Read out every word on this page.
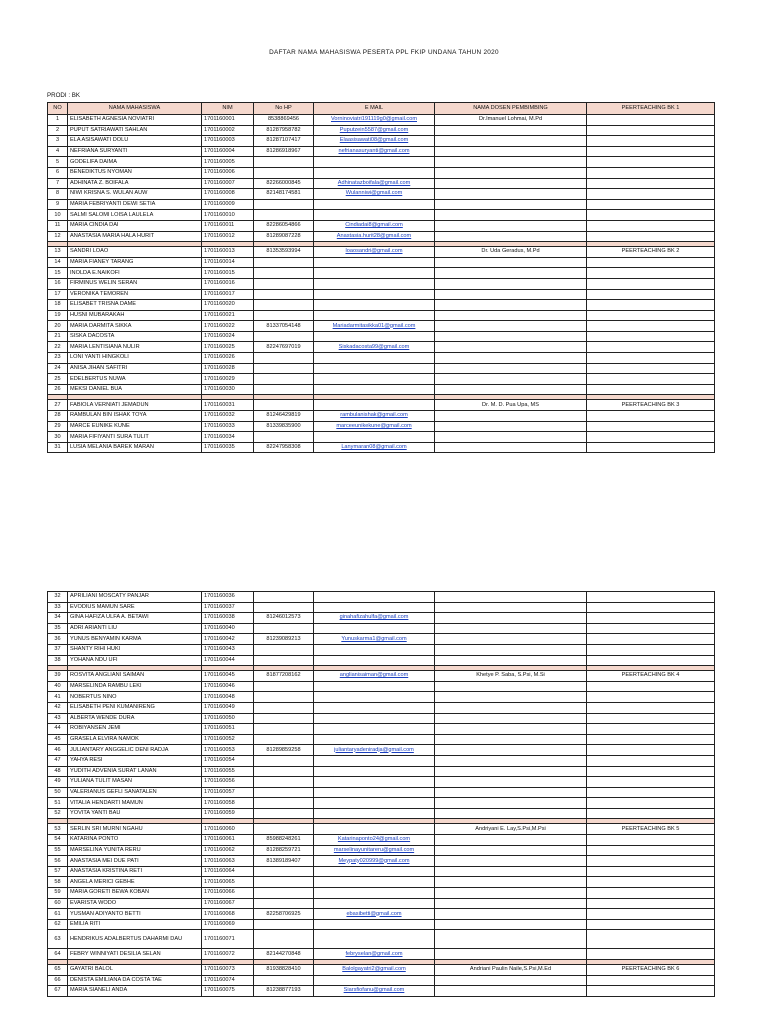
DAFTAR NAMA MAHASISWA PESERTA PPL FKIP UNDANA TAHUN 2020
PRODI : BK
NO	NAMA MAHASISWA	NIM	No HP	E MAIL	NAMA DOSEN PEMBIMBING	PEERTEACHING BK 1
1	ELISABETH AGNESIA NOVIATRI	1701160001	8538869456	Vorninoviatri191119g0@gmail.com	Dr.Imanuel Lohmai, M.Pd	
2	PUPUT SATRIAWATI SAHLAN	1701160002	81287958782	Puputzein5587@gmail.com		
3	ELA ASISAWATI DOLU	1701160003	81287107417	Elaasisawati08@gmail.com		
4	NEFRIANA SURYANTI	1701160004	81286918967	nefrianasuryanti@gmail.com		
5	GODELIFA DAIMA	1701160005				
6	BENEDIKTUS NYOMAN	1701160006				
7	ADHINATA Z. BOIFALA	1701160007	82266000845	Adhinatazboifala@gmail.com		
8	NIWI KRISNA S. WULAN AUW	1701160008	82148174581	Wulanniwi@gmail.com		
9	MARIA FEBRIYANTI DEWI SETIA	1701160009				
10	SALMI SALOMI LOISA LAULELA	1701160010				
11	MARIA CINDIA DAI	1701160011	82286054866	Cindiadai8@gmail.com		
12	ANASTASIA MARIA HALA HURIT	1701160012	81289087228	Anastasia.hurit28@gmail.com		

13	SANDRI LOAO	1701160013	81353593994	loaosandri@gmail.com	Dr. Uda Geradus, M.Pd	PEERTEACHING BK 2
14	MARIA FIANEY TARANG	1701160014				
15	INOLDA E.NAIKOFI	1701160015				
16	FIRMINUS WELIN SERAN	1701160016				
17	VERONIKA TEMOREN	1701160017				
18	ELISABET TRISNA DAME	1701160020				
19	HUSNI MUBARAKAH	1701160021				
20	MARIA DARMITA SIKKA	1701160022	81337054148	Mariadarmitasikka01@gmail.com		
21	SISKA DACOSTA	1701160024				
22	MARIA LENTISIANA NULIR	1701160025	82247697019	Siskadacosta99@gmail.com		
23	LONI YANTI HINGKOLI	1701160026				
24	ANISA JIHAN SAFITRI	1701160028				
25	EDELBERTUS NUWA	1701160029				
26	MEKSI DANIEL BUA	1701160030				

27	FABIOLA VERNIATI JEMADUN	1701160031			Dr. M. D. Pua Upa, MS	PEERTEACHING BK 3
28	RAMBULAN BIN ISHAK TOYA	1701160032	81246429819	rambulanishak@gmail.com		
29	MARCE EUNIKE KUNE	1701160033	81339835900	marceeunikekune@gmail.com		
30	MARIA FIFIYANTI SURA TULIT	1701160034				
31	LUSIA MELANIA BAREK MARAN	1701160035	82247958308	Lanymaran08@gmail.com		
32	APRILIANI MOSCATY PANJAR	1701160036				
33	EVODIUS MAMUN SARE	1701160037				
34	GINA HAFIZA ULFA A. BETAWI	1701160038	81246012573	ginahafizahulfa@gmail.com		
35	ADRI ARIANTI LIU	1701160040				
36	YUNUS BENYAMIN KARMA	1701160042	81239089213	Yunuskarma1@gmail.com		
37	SHANTY RIHI HUKI	1701160043				
38	YOHANA NDU UFI	1701160044				

39	ROSVITA ANGLIANI SAIMAN	1701160045	81877208162	anglianisaiman@gmail.com	Khetye P. Saba, S.Psi, M.Si	PEERTEACHING BK 4
40	MARSELINDA RAMBU LEKI	1701160046				
41	NOBERTUS NINO	1701160048				
42	ELISABETH PENI KUMANIRENG	1701160049				
43	ALBERTA WENDE DURA	1701160050				
44	ROBIYANSEN JEMI	1701160051				
45	GRASELA ELVIRA NAMOK	1701160052				
46	JULIANTARY ANGGELIC DENI RADJA	1701160053	81289859258	juliantaryadeniradja@gmail.com		
47	YAHYA RESI	1701160054				
48	YUDITH ADVENIA SURAT LANAN	1701160055				
49	YULIANA TULIT MASAN	1701160056				
50	VALERIANUS GEFLI SANATALEN	1701160057				
51	VITALIA HENDARTI MAMUN	1701160058				
52	YOVITA YANTI BAU	1701160059				

53	SERLIN SRI MURNI NGAHU	1701160060			Andriyani E. Lay,S.Psi,M.Psi	PEERTEACHING BK 5
54	KATARINA PONTO	1701160061	85988248261	Katarinaponto24@gmail.com		
55	MARSELINA YUNITA RERU	1701160062	81288259721	marselinayunitareru@gmail.com		
56	ANASTASIA MEI DUE PATI	1701160063	81389189407	Meypaty020999@gmail.com		
57	ANASTASIA KRISTINA RETI	1701160064				
58	ANGELA MERICI GEBHE	1701160065				
59	MARIA GORETI BEWA KOBAN	1701160066				
60	EVARISTA WODO	1701160067				
61	YUSMAN ADIYANTO BETTI	1701160068	82258706925	ebasibetti@gmail.com		
62	EMILIA RITI	1701160069				
63	HENDRIKUS ADALBERTUS DAHARMI DAU	1701160071				
64	FEBRY WINNIYATI DESILIA SELAN	1701160072	82144270848	febryselan@gmail.com		

65	GAYATRI BALOL	1701160073	81938828410	Balolgayatri2@gmail.com	Andriani Paulin Naile,S.Psi,M.Ed	PEERTEACHING BK 6
66	DENISTA EMILIANA DA COSTA TAE	1701160074				
67	MARIA SIANELI ANDA	1701160075	81238877193	Siarsfiofanu@gmail.com		
